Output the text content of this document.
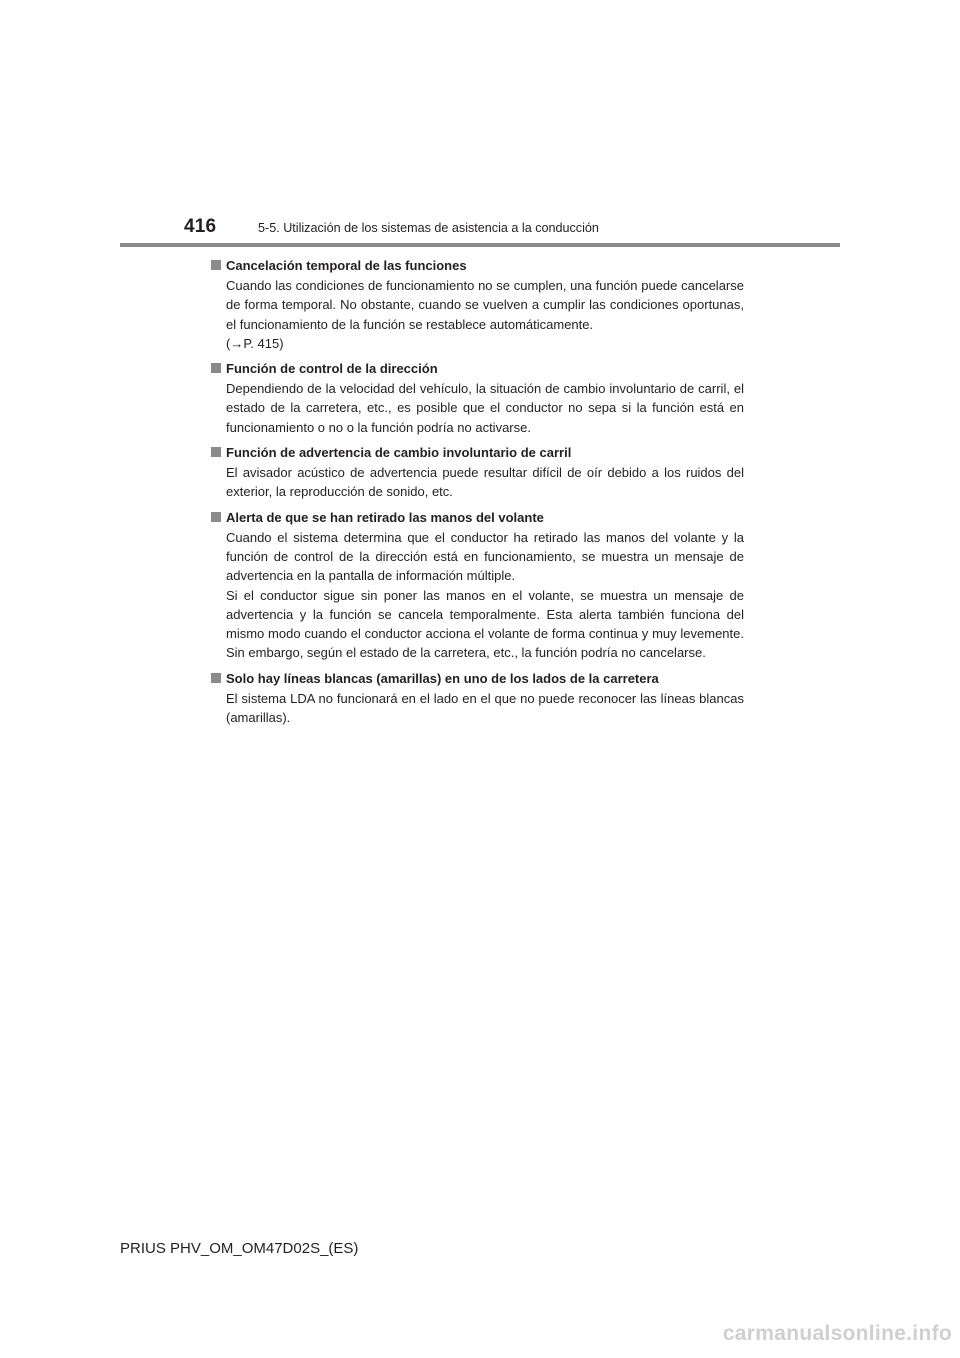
416	5-5. Utilización de los sistemas de asistencia a la conducción
Cancelación temporal de las funciones

Cuando las condiciones de funcionamiento no se cumplen, una función puede cancelarse de forma temporal. No obstante, cuando se vuelven a cumplir las condiciones oportunas, el funcionamiento de la función se restablece automáticamente.

(→P. 415)
Función de control de la dirección

Dependiendo de la velocidad del vehículo, la situación de cambio involuntario de carril, el estado de la carretera, etc., es posible que el conductor no sepa si la función está en funcionamiento o no o la función podría no activarse.

Función de advertencia de cambio involuntario de carril

El avisador acústico de advertencia puede resultar difícil de oír debido a los ruidos del exterior, la reproducción de sonido, etc.

Alerta de que se han retirado las manos del volante

Cuando el sistema determina que el conductor ha retirado las manos del volante y la función de control de la dirección está en funcionamiento, se muestra un mensaje de advertencia en la pantalla de información múltiple.

Si el conductor sigue sin poner las manos en el volante, se muestra un mensaje de advertencia y la función se cancela temporalmente. Esta alerta también funciona del mismo modo cuando el conductor acciona el volante de forma continua y muy levemente. Sin embargo, según el estado de la carretera, etc., la función podría no cancelarse.

Solo hay líneas blancas (amarillas) en uno de los lados de la carretera

El sistema LDA no funcionará en el lado en el que no puede reconocer las líneas blancas (amarillas).

PRIUS PHV_OM_OM47D02S_(ES)
carmanualsonline.info
